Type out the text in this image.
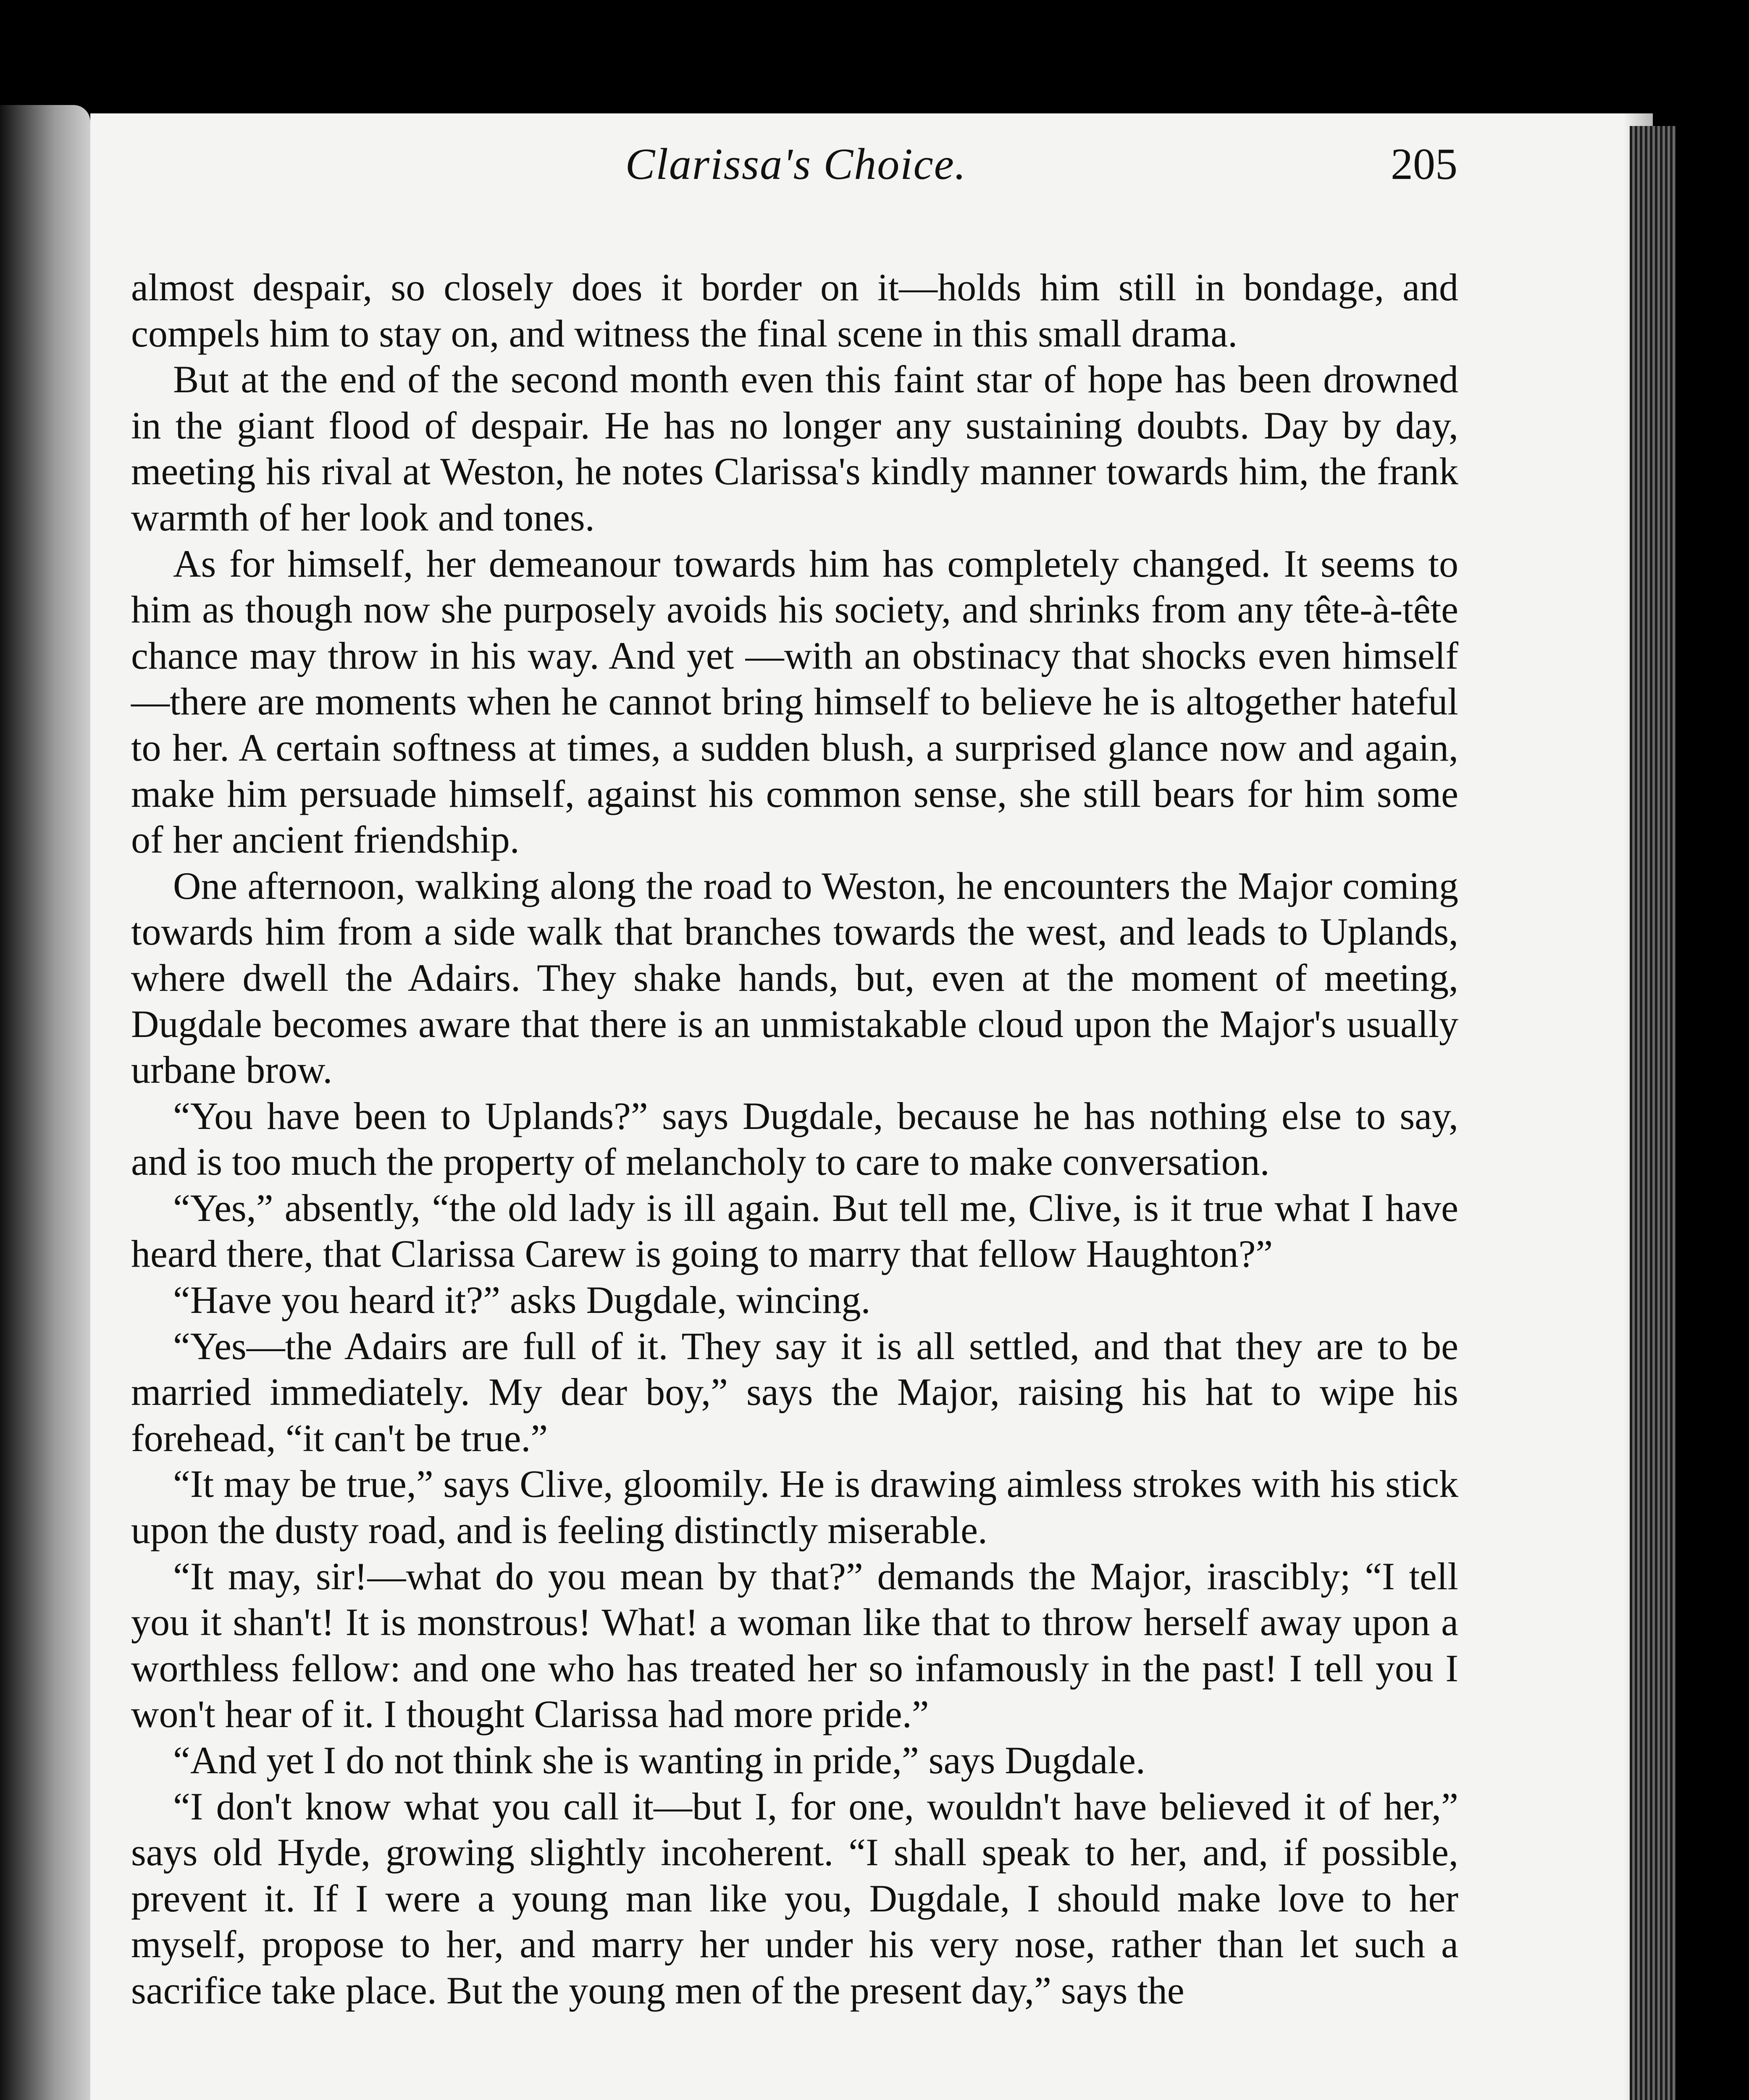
Clarissa's Choice.	205

almost despair, so closely does it border on it—holds him still in bondage, and compels him to stay on, and witness the final scene in this small drama.

But at the end of the second month even this faint star of hope has been drowned in the giant flood of despair. He has no longer any sustaining doubts. Day by day, meeting his rival at Weston, he notes Clarissa's kindly manner towards him, the frank warmth of her look and tones.

As for himself, her demeanour towards him has completely changed. It seems to him as though now she purposely avoids his society, and shrinks from any tête-à-tête chance may throw in his way. And yet —with an obstinacy that shocks even himself—there are moments when he cannot bring himself to believe he is altogether hateful to her. A certain softness at times, a sudden blush, a surprised glance now and again, make him persuade himself, against his common sense, she still bears for him some of her ancient friendship.

One afternoon, walking along the road to Weston, he encounters the Major coming towards him from a side walk that branches towards the west, and leads to Uplands, where dwell the Adairs. They shake hands, but, even at the moment of meeting, Dugdale becomes aware that there is an unmistakable cloud upon the Major's usually urbane brow.

“You have been to Uplands?” says Dugdale, because he has nothing else to say, and is too much the property of melancholy to care to make conversation.

“Yes,” absently, “the old lady is ill again. But tell me, Clive, is it true what I have heard there, that Clarissa Carew is going to marry that fellow Haughton?”

“Have you heard it?” asks Dugdale, wincing.

“Yes—the Adairs are full of it. They say it is all settled, and that they are to be married immediately. My dear boy,” says the Major, raising his hat to wipe his forehead, “it can't be true.”

“It may be true,” says Clive, gloomily. He is drawing aimless strokes with his stick upon the dusty road, and is feeling distinctly miserable.

“It may, sir!—what do you mean by that?” demands the Major, irascibly; “I tell you it shan't! It is monstrous! What! a woman like that to throw herself away upon a worthless fellow: and one who has treated her so infamously in the past! I tell you I won't hear of it. I thought Clarissa had more pride.”

“And yet I do not think she is wanting in pride,” says Dugdale.

“I don't know what you call it—but I, for one, wouldn't have believed it of her,” says old Hyde, growing slightly incoherent. “I shall speak to her, and, if possible, prevent it. If I were a young man like you, Dugdale, I should make love to her myself, propose to her, and marry her under his very nose, rather than let such a sacrifice take place. But the young men of the present day,” says the
